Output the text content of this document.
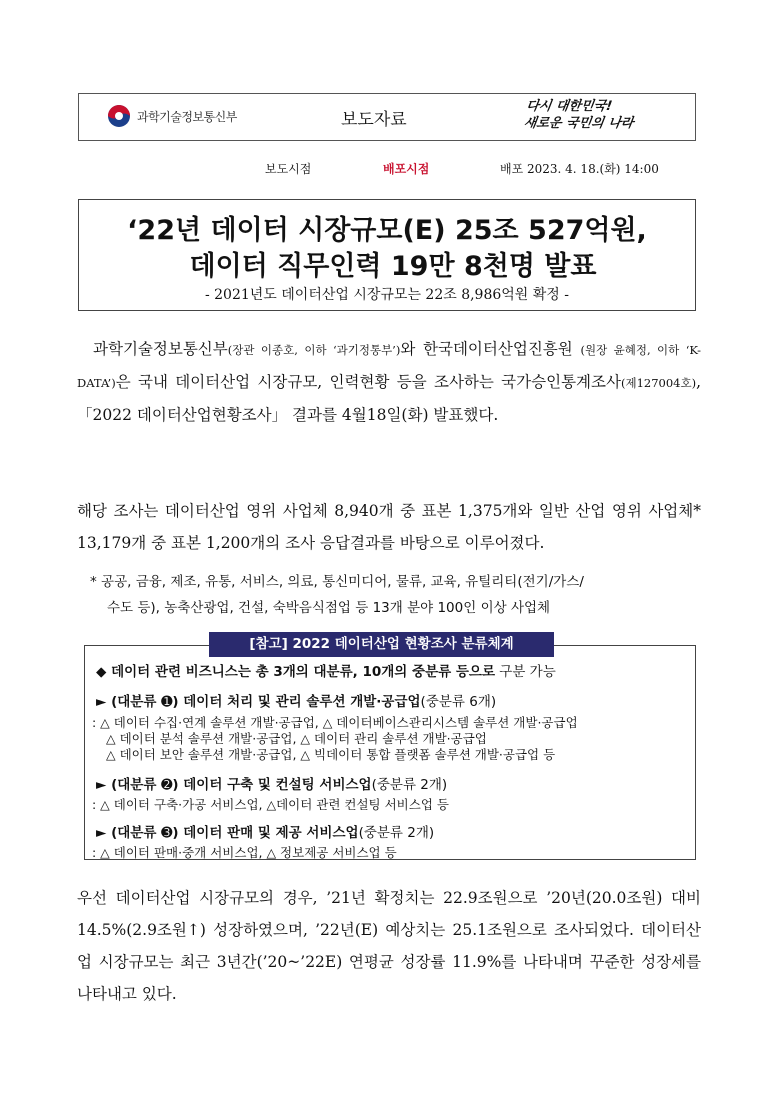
과학기술정보통신부	보도자료
다시 대한민국!
새로운 국민의 나라
보도시점	배포시점	배포 2023. 4. 18.(화) 14:00
‘22년 데이터 시장규모(E) 25조 527억원,
데이터 직무인력 19만 8천명 발표
- 2021년도 데이터산업 시장규모는 22조 8,986억원 확정 -
과학기술정보통신부(장관 이종호, 이하 ‘과기정통부’)와 한국데이터산업진흥원 (원장 윤혜정, 이하 ‘K-DATA’)은 국내 데이터산업 시장규모, 인력현황 등을 조사하는 국가승인통계조사(제127004호), 「2022 데이터산업현황조사」 결과를 4월18일(화) 발표했다.
해당 조사는 데이터산업 영위 사업체 8,940개 중 표본 1,375개와 일반 산업 영위 사업체* 13,179개 중 표본 1,200개의 조사 응답결과를 바탕으로 이루어졌다.
* 공공, 금융, 제조, 유통, 서비스, 의료, 통신미디어, 물류, 교육, 유틸리티(전기/가스/
수도 등), 농축산광업, 건설, 숙박음식점업 등 13개 분야 100인 이상 사업체
[참고] 2022 데이터산업 현황조사 분류체계
◆ 데이터 관련 비즈니스는 총 3개의 대분류, 10개의 중분류 등으로 구분 가능
► (대분류 ➊) 데이터 처리 및 관리 솔루션 개발·공급업(중분류 6개)
: △ 데이터 수집·연계 솔루션 개발·공급업, △ 데이터베이스관리시스템 솔루션 개발·공급업
△ 데이터 분석 솔루션 개발·공급업, △ 데이터 관리 솔루션 개발·공급업
△ 데이터 보안 솔루션 개발·공급업, △ 빅데이터 통합 플랫폼 솔루션 개발·공급업 등
► (대분류 ➋) 데이터 구축 및 컨설팅 서비스업(중분류 2개)
: △ 데이터 구축·가공 서비스업, △데이터 관련 컨설팅 서비스업 등
► (대분류 ➌) 데이터 판매 및 제공 서비스업(중분류 2개)
: △ 데이터 판매·중개 서비스업, △ 정보제공 서비스업 등
우선 데이터산업 시장규모의 경우, ’21년 확정치는 22.9조원으로 ’20년(20.0조원) 대비 14.5%(2.9조원↑) 성장하였으며, ’22년(E) 예상치는 25.1조원으로 조사되었다. 데이터산업 시장규모는 최근 3년간(’20~’22E) 연평균 성장률 11.9%를 나타내며 꾸준한 성장세를 나타내고 있다.
